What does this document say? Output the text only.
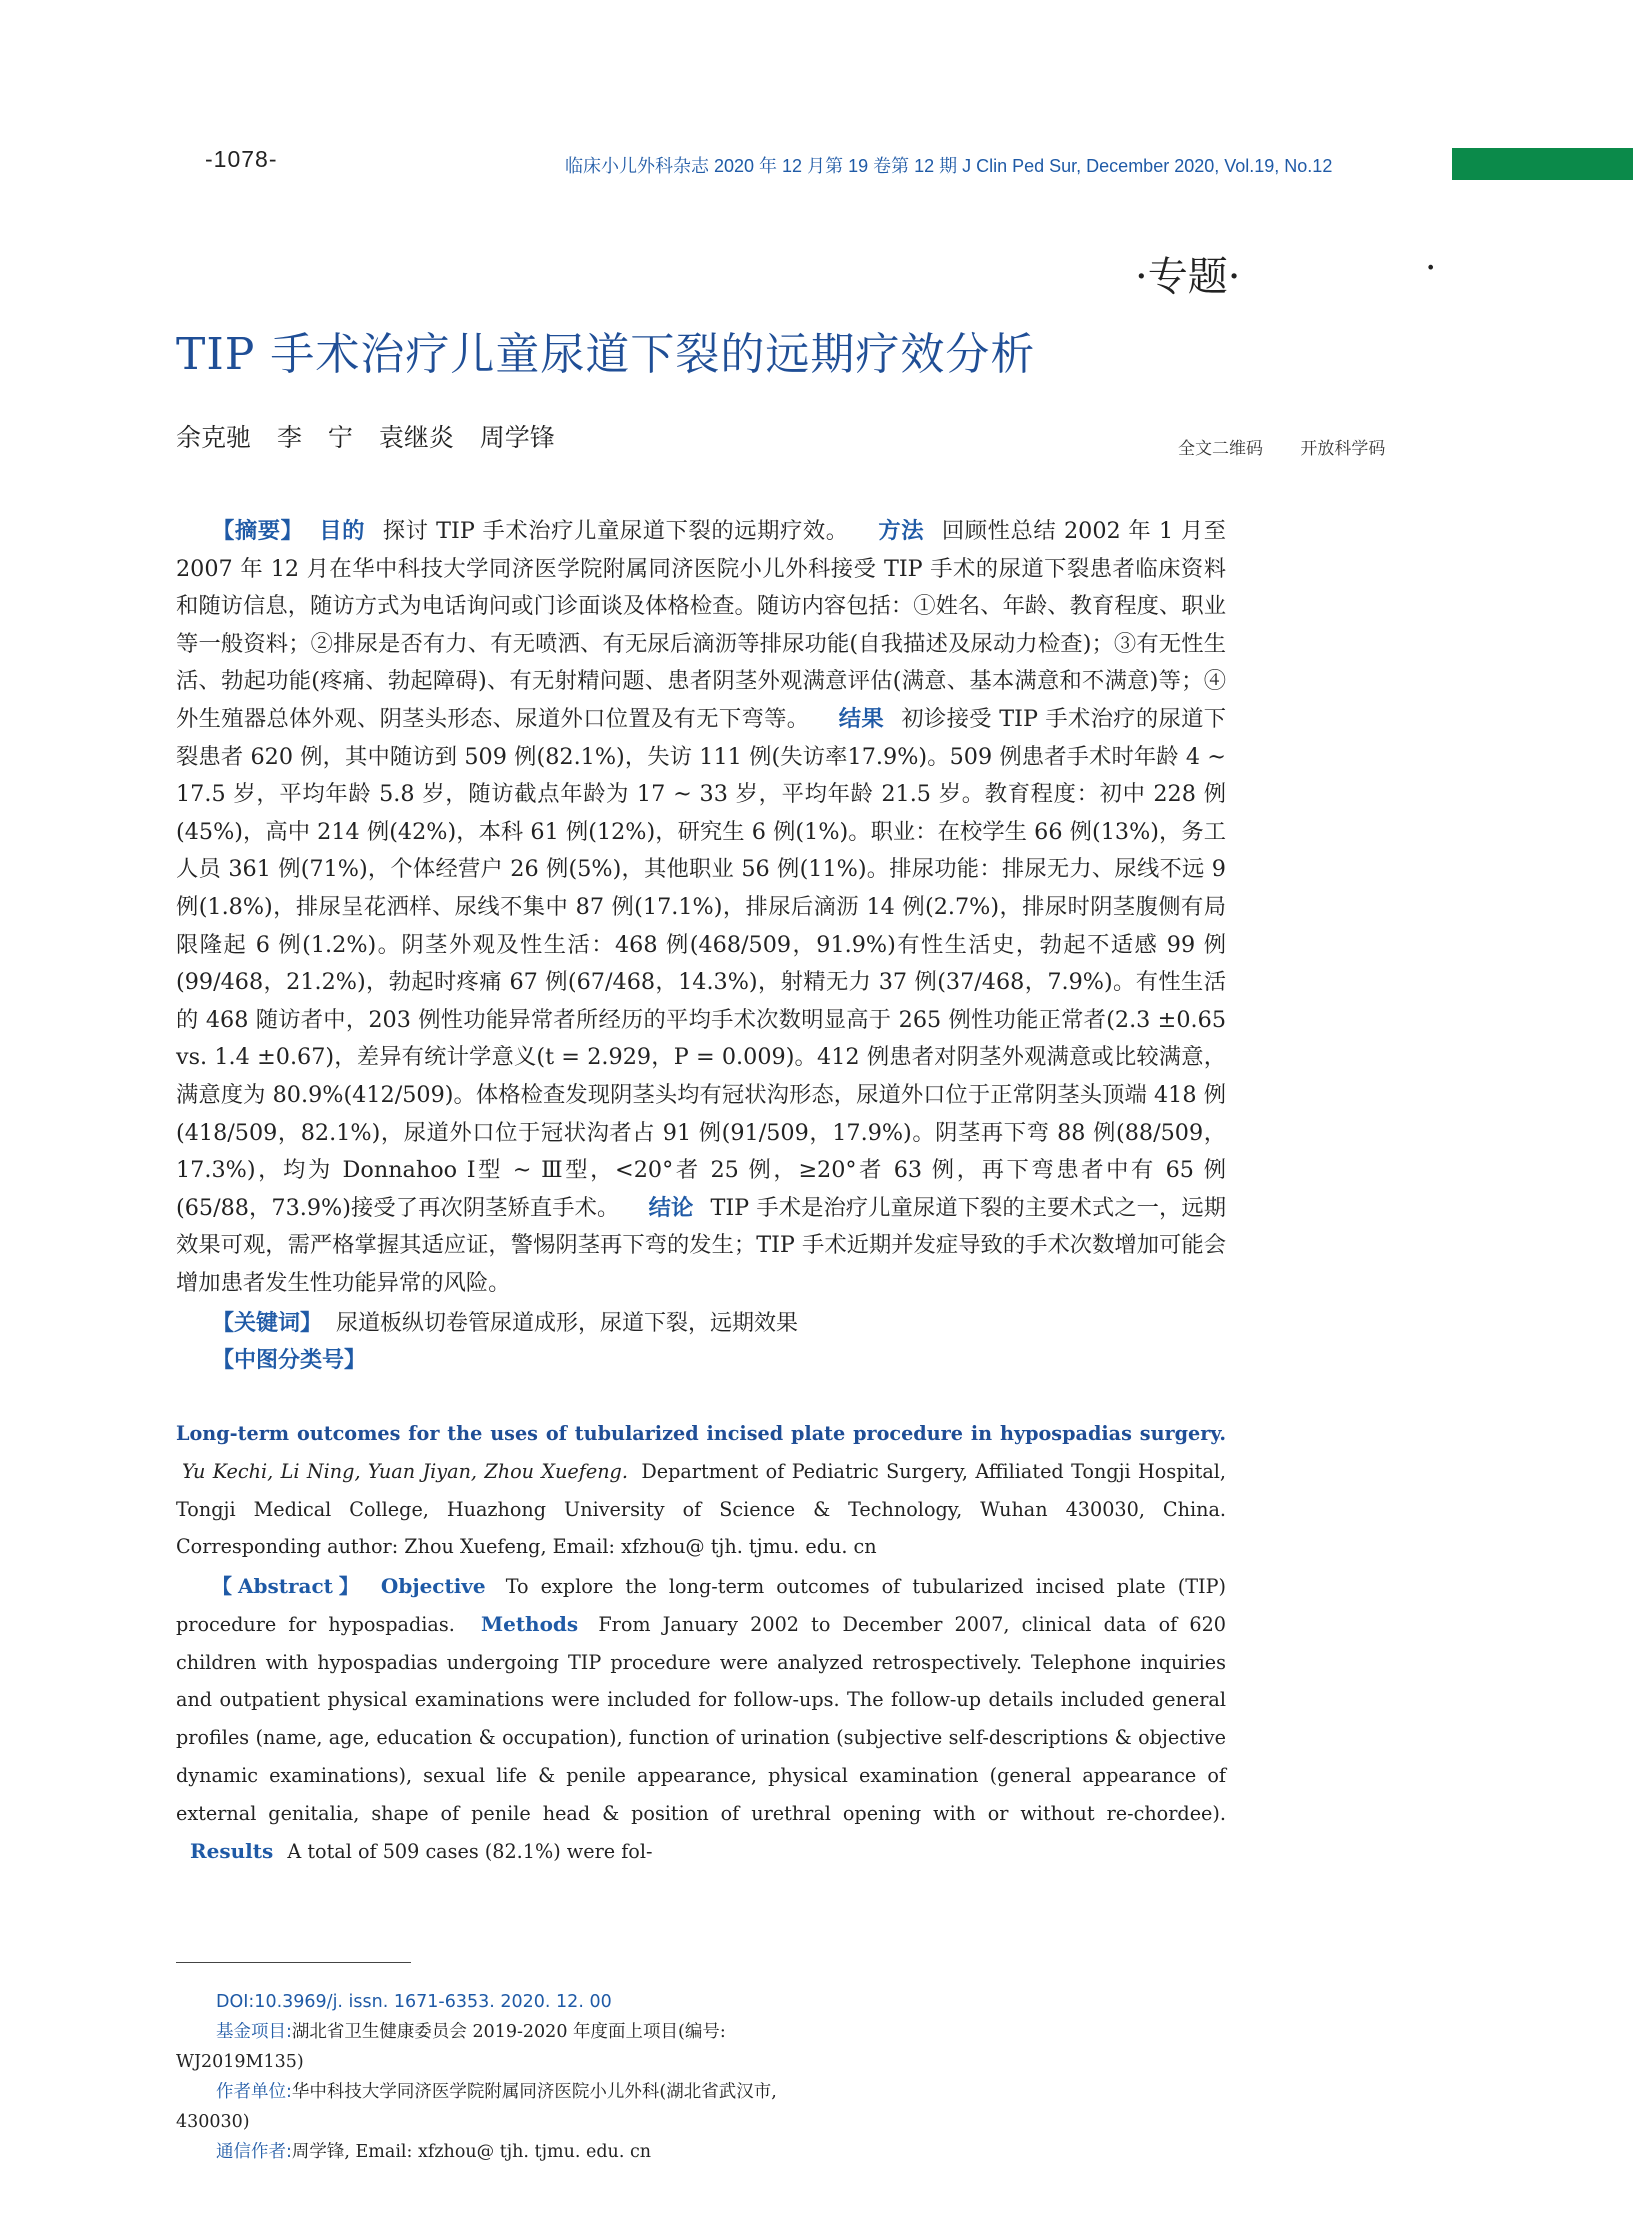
-1078-	临床小儿外科杂志 2020 年 12 月第 19 卷第 12 期 J Clin Ped Sur, December 2020, Vol.19, No.12
·专题·	·
TIP 手术治疗儿童尿道下裂的远期疗效分析
余克驰 李 宁 袁继炎 周学锋	全文二维码 开放科学码
【摘要】 目的 探讨 TIP 手术治疗儿童尿道下裂的远期疗效。 方法 回顾性总结 2002 年 1 月至 2007 年 12 月在华中科技大学同济医学院附属同济医院小儿外科接受 TIP 手术的尿道下裂患者临床资料和随访信息，随访方式为电话询问或门诊面谈及体格检查。随访内容包括：①姓名、年龄、教育程度、职业等一般资料；②排尿是否有力、有无喷洒、有无尿后滴沥等排尿功能(自我描述及尿动力检查)；③有无性生活、勃起功能(疼痛、勃起障碍)、有无射精问题、患者阴茎外观满意评估(满意、基本满意和不满意)等；④外生殖器总体外观、阴茎头形态、尿道外口位置及有无下弯等。 结果 初诊接受 TIP 手术治疗的尿道下裂患者 620 例，其中随访到 509 例(82.1%)，失访 111 例(失访率17.9%)。509 例患者手术时年龄 4 ~ 17.5 岁，平均年龄 5.8 岁，随访截点年龄为 17 ~ 33 岁，平均年龄 21.5 岁。教育程度：初中 228 例(45%)，高中 214 例(42%)，本科 61 例(12%)，研究生 6 例(1%)。职业：在校学生 66 例(13%)，务工人员 361 例(71%)，个体经营户 26 例(5%)，其他职业 56 例(11%)。排尿功能：排尿无力、尿线不远 9 例(1.8%)，排尿呈花洒样、尿线不集中 87 例(17.1%)，排尿后滴沥 14 例(2.7%)，排尿时阴茎腹侧有局限隆起 6 例(1.2%)。阴茎外观及性生活：468 例(468/509，91.9%)有性生活史，勃起不适感 99 例(99/468，21.2%)，勃起时疼痛 67 例(67/468，14.3%)，射精无力 37 例(37/468，7.9%)。有性生活的 468 随访者中，203 例性功能异常者所经历的平均手术次数明显高于 265 例性功能正常者(2.3 ±0.65 vs. 1.4 ±0.67)，差异有统计学意义(t = 2.929，P = 0.009)。412 例患者对阴茎外观满意或比较满意，满意度为 80.9%(412/509)。体格检查发现阴茎头均有冠状沟形态，尿道外口位于正常阴茎头顶端 418 例(418/509，82.1%)，尿道外口位于冠状沟者占 91 例(91/509，17.9%)。阴茎再下弯 88 例(88/509，17.3%)，均为 Donnahoo Ⅰ型 ~ Ⅲ型，<20°者 25 例，≥20°者 63 例，再下弯患者中有 65 例(65/88，73.9%)接受了再次阴茎矫直手术。 结论 TIP 手术是治疗儿童尿道下裂的主要术式之一，远期效果可观，需严格掌握其适应证，警惕阴茎再下弯的发生；TIP 手术近期并发症导致的手术次数增加可能会增加患者发生性功能异常的风险。
【关键词】 尿道板纵切卷管尿道成形，尿道下裂，远期效果
【中图分类号】
Long-term outcomes for the uses of tubularized incised plate procedure in hypospadias surgery. Yu Kechi, Li Ning, Yuan Jiyan, Zhou Xuefeng. Department of Pediatric Surgery, Affiliated Tongji Hospital, Tongji Medical College, Huazhong University of Science & Technology, Wuhan 430030, China. Corresponding author: Zhou Xuefeng, Email: xfzhou@ tjh. tjmu. edu. cn
【Abstract】 Objective To explore the long-term outcomes of tubularized incised plate (TIP) procedure for hypospadias. Methods From January 2002 to December 2007, clinical data of 620 children with hypospadias undergoing TIP procedure were analyzed retrospectively. Telephone inquiries and outpatient physical examinations were included for follow-ups. The follow-up details included general profiles (name, age, education & occupation), function of urination (subjective self-descriptions & objective dynamic examinations), sexual life & penile appearance, physical examination (general appearance of external genitalia, shape of penile head & position of urethral opening with or without re-chordee). Results A total of 509 cases (82.1%) were fol-
DOI:10.3969/j. issn. 1671-6353. 2020. 12. 00
基金项目:湖北省卫生健康委员会 2019-2020 年度面上项目(编号: WJ2019M135)
作者单位:华中科技大学同济医学院附属同济医院小儿外科(湖北省武汉市, 430030)
通信作者:周学锋, Email: xfzhou@ tjh. tjmu. edu. cn
